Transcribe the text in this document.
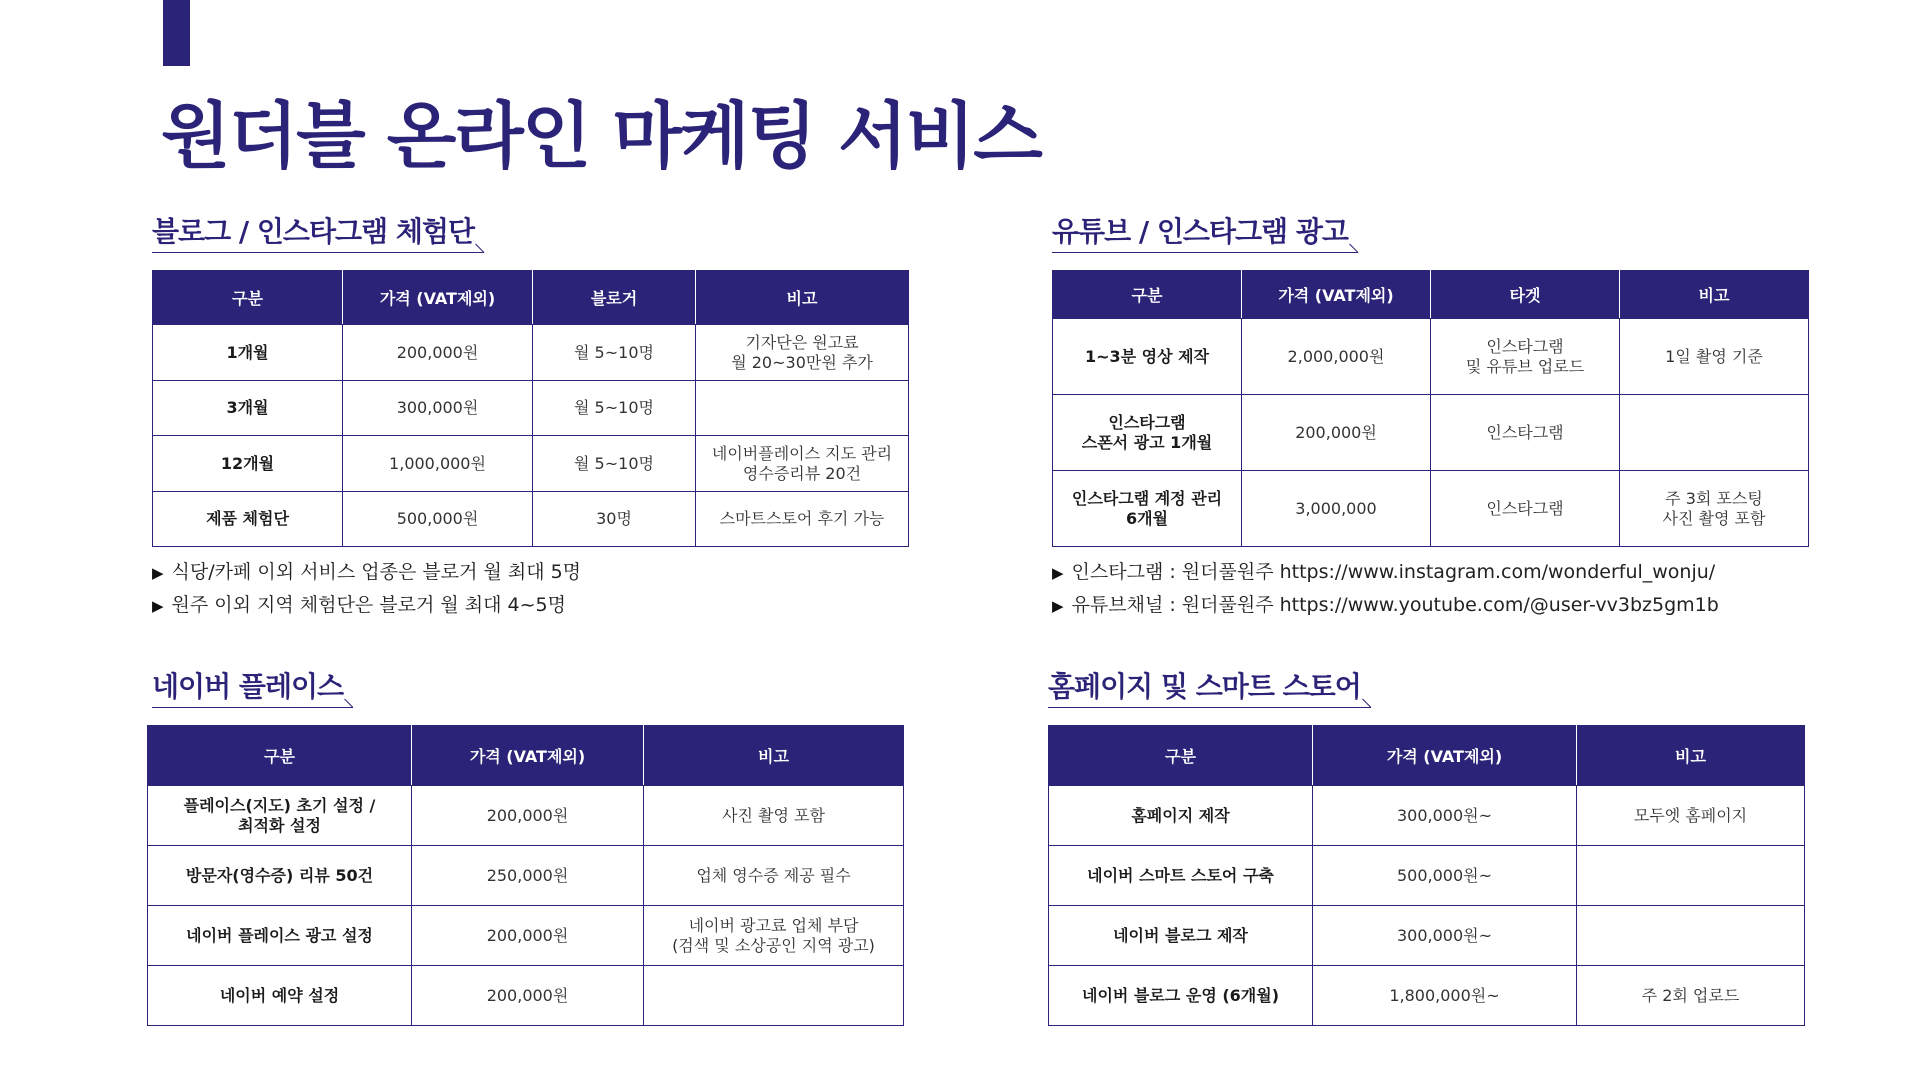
원더블 온라인 마케팅 서비스
블로그 / 인스타그램 체험단
구분	가격 (VAT제외)	블로거	비고
1개월	200,000원	월 5~10명	기자단은 원고료
월 20~30만원 추가
3개월	300,000원	월 5~10명	
12개월	1,000,000원	월 5~10명	네이버플레이스 지도 관리
영수증리뷰 20건
제품 체험단	500,000원	30명	스마트스토어 후기 가능
▶ 식당/카페 이외 서비스 업종은 블로거 월 최대 5명
▶ 원주 이외 지역 체험단은 블로거 월 최대 4~5명
유튜브 / 인스타그램 광고
구분	가격 (VAT제외)	타겟	비고
1~3분 영상 제작	2,000,000원	인스타그램
및 유튜브 업로드	1일 촬영 기준
인스타그램
스폰서 광고 1개월	200,000원	인스타그램	
인스타그램 계정 관리
6개월	3,000,000	인스타그램	주 3회 포스팅
사진 촬영 포함
▶ 인스타그램 : 원더풀원주 https://www.instagram.com/wonderful_wonju/
▶ 유튜브채널 : 원더풀원주 https://www.youtube.com/@user-vv3bz5gm1b
네이버 플레이스
구분	가격 (VAT제외)	비고
플레이스(지도) 초기 설정 /
최적화 설정	200,000원	사진 촬영 포함
방문자(영수증) 리뷰 50건	250,000원	업체 영수증 제공 필수
네이버 플레이스 광고 설정	200,000원	네이버 광고료 업체 부담
(검색 및 소상공인 지역 광고)
네이버 예약 설정	200,000원	
홈페이지 및 스마트 스토어
구분	가격 (VAT제외)	비고
홈페이지 제작	300,000원~	모두엣 홈페이지
네이버 스마트 스토어 구축	500,000원~	
네이버 블로그 제작	300,000원~	
네이버 블로그 운영 (6개월)	1,800,000원~	주 2회 업로드
